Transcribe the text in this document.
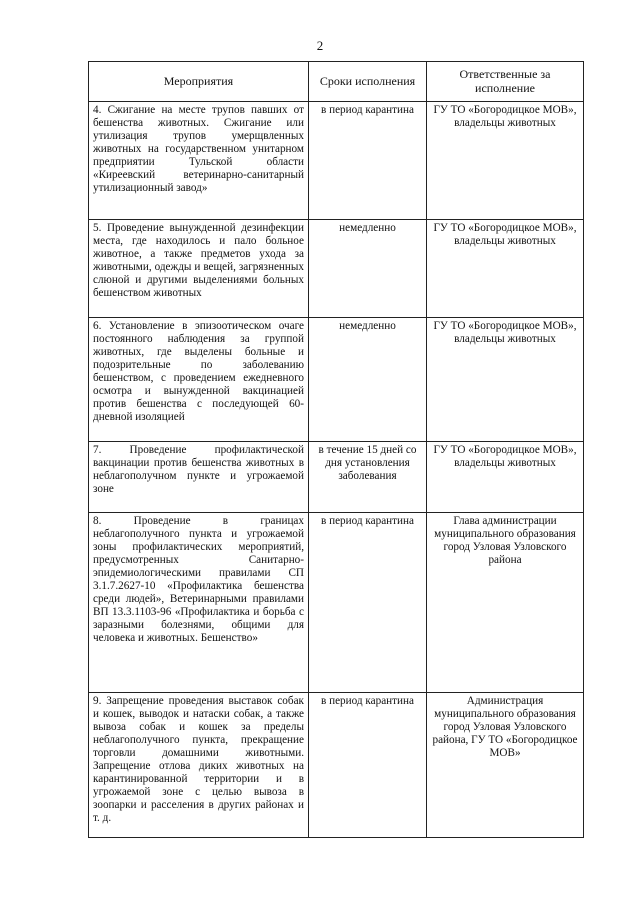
2
Мероприятия	Сроки исполнения	Ответственные за исполнение
4. Сжигание на месте трупов павших от бешенства животных. Сжигание или утилизация трупов умерщвленных животных на государственном унитарном предприятии Тульской области «Киреевский ветеринарно-санитарный утилизационный завод»	в период карантина	ГУ ТО «Богородицкое МОВ», владельцы животных
5. Проведение вынужденной дезинфекции места, где находилось и пало больное животное, а также предметов ухода за животными, одежды и вещей, загрязненных слюной и другими выделениями больных бешенством животных	немедленно	ГУ ТО «Богородицкое МОВ», владельцы животных
6. Установление в эпизоотическом очаге постоянного наблюдения за группой животных, где выделены больные и подозрительные по заболеванию бешенством, с проведением ежедневного осмотра и вынужденной вакцинацией против бешенства с последующей 60-дневной изоляцией	немедленно	ГУ ТО «Богородицкое МОВ», владельцы животных
7. Проведение профилактической вакцинации против бешенства животных в неблагополучном пункте и угрожаемой зоне	в течение 15 дней со дня установления заболевания	ГУ ТО «Богородицкое МОВ», владельцы животных
8. Проведение в границах неблагополучного пункта и угрожаемой зоны профилактических мероприятий, предусмотренных Санитарно-эпидемиологическими правилами СП 3.1.7.2627-10 «Профилактика бешенства среди людей», Ветеринарными правилами ВП 13.3.1103-96 «Профилактика и борьба с заразными болезнями, общими для человека и животных. Бешенство»	в период карантина	Глава администрации муниципального образования город Узловая Узловского района
9. Запрещение проведения выставок собак и кошек, выводок и натаски собак, а также вывоза собак и кошек за пределы неблагополучного пункта, прекращение торговли домашними животными. Запрещение отлова диких животных на карантинированной территории и в угрожаемой зоне с целью вывоза в зоопарки и расселения в других районах и т. д.	в период карантина	Администрация муниципального образования город Узловая Узловского района, ГУ ТО «Богородицкое МОВ»
